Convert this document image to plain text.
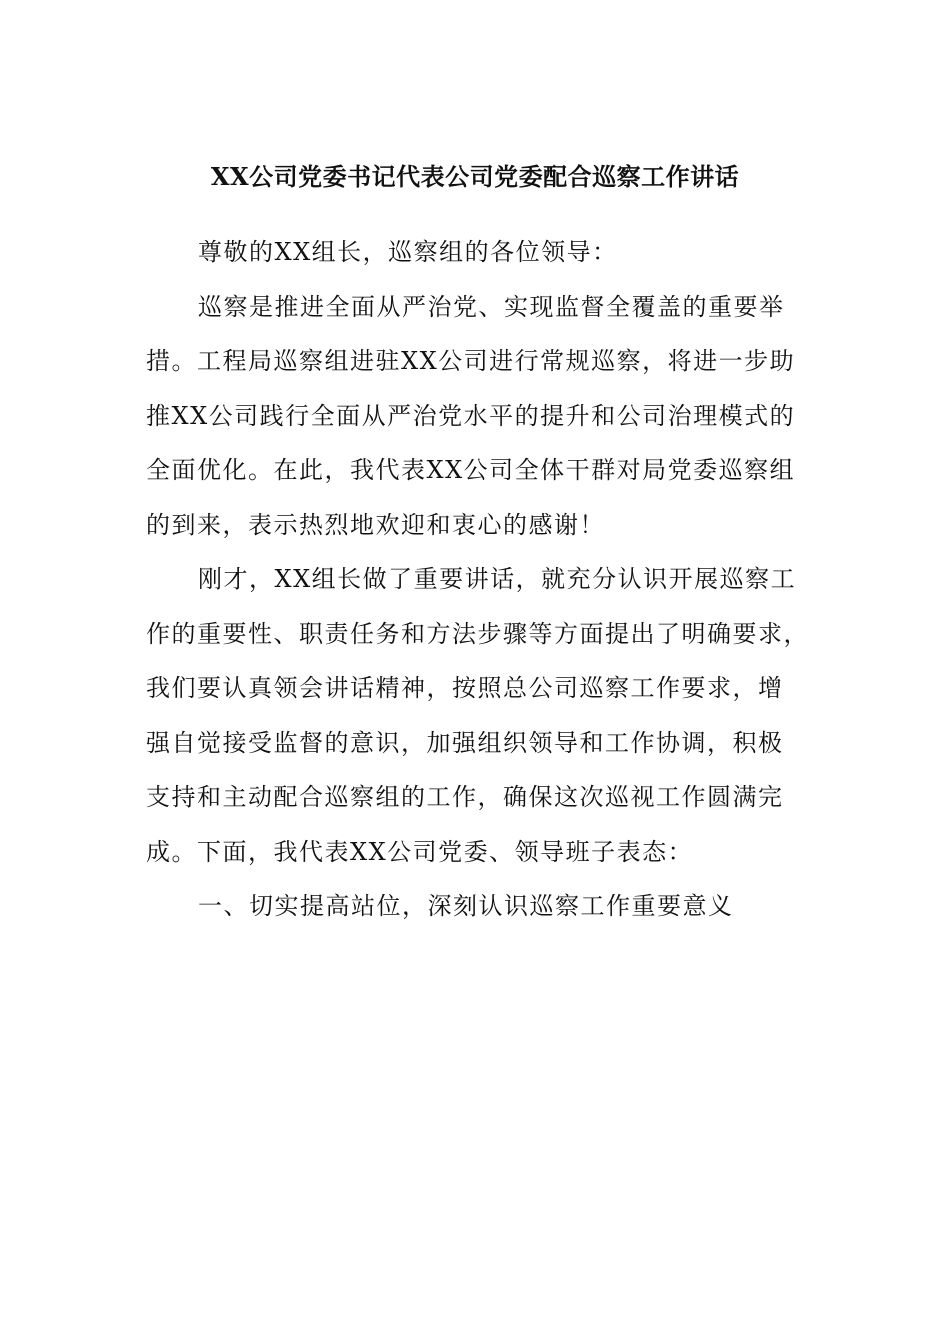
XX公司党委书记代表公司党委配合巡察工作讲话

尊敬的XX组长，巡察组的各位领导：

巡察是推进全面从严治党、实现监督全覆盖的重要举
措。工程局巡察组进驻XX公司进行常规巡察，将进一步助
推XX公司践行全面从严治党水平的提升和公司治理模式的
全面优化。在此，我代表XX公司全体干群对局党委巡察组
的到来，表示热烈地欢迎和衷心的感谢！

刚才，XX组长做了重要讲话，就充分认识开展巡察工
作的重要性、职责任务和方法步骤等方面提出了明确要求，
我们要认真领会讲话精神，按照总公司巡察工作要求，增
强自觉接受监督的意识，加强组织领导和工作协调，积极
支持和主动配合巡察组的工作，确保这次巡视工作圆满完
成。下面，我代表XX公司党委、领导班子表态：

一、切实提高站位，深刻认识巡察工作重要意义
